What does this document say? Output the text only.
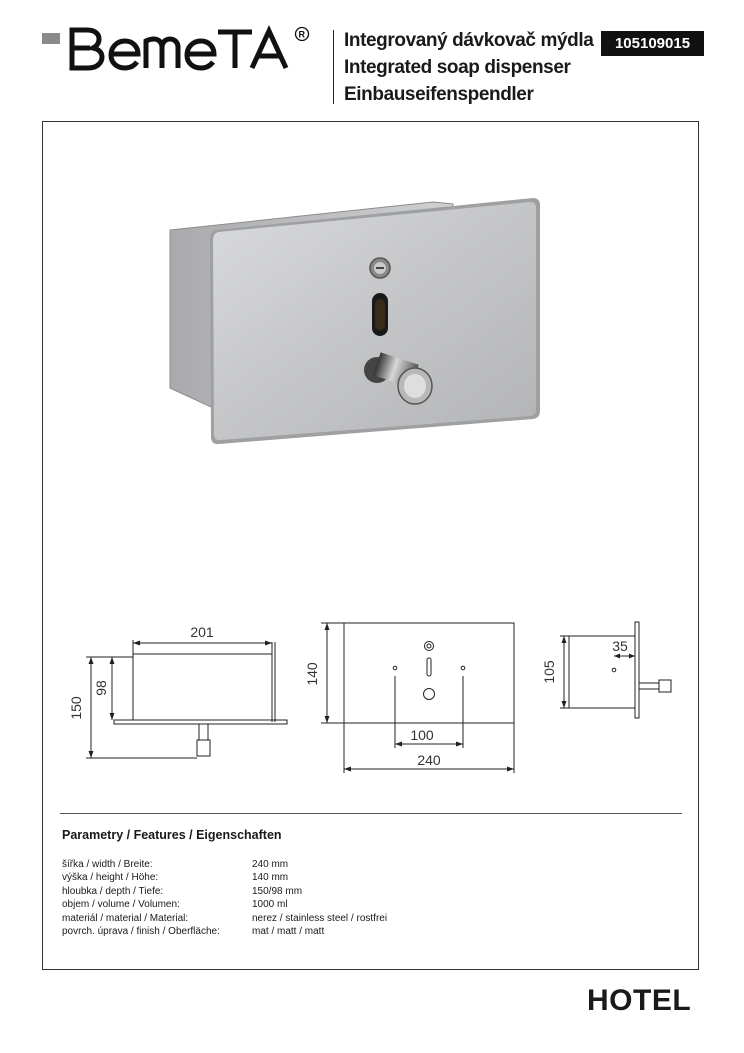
R Integrovaný dávkovač mýdla
Integrated soap dispenser
Einbauseifenspendler
105109015
201
150
98
140
100
240
105
35
Parametry / Features / Eigenschaften
šířka / width / Breite:	240 mm
výška / height / Höhe:	140 mm
hloubka / depth / Tiefe:	150/98 mm
objem / volume / Volumen:	1000 ml
materiál / material / Material:	nerez / stainless steel / rostfrei
povrch. úprava / finish / Oberfläche:	mat / matt / matt
HOTEL
